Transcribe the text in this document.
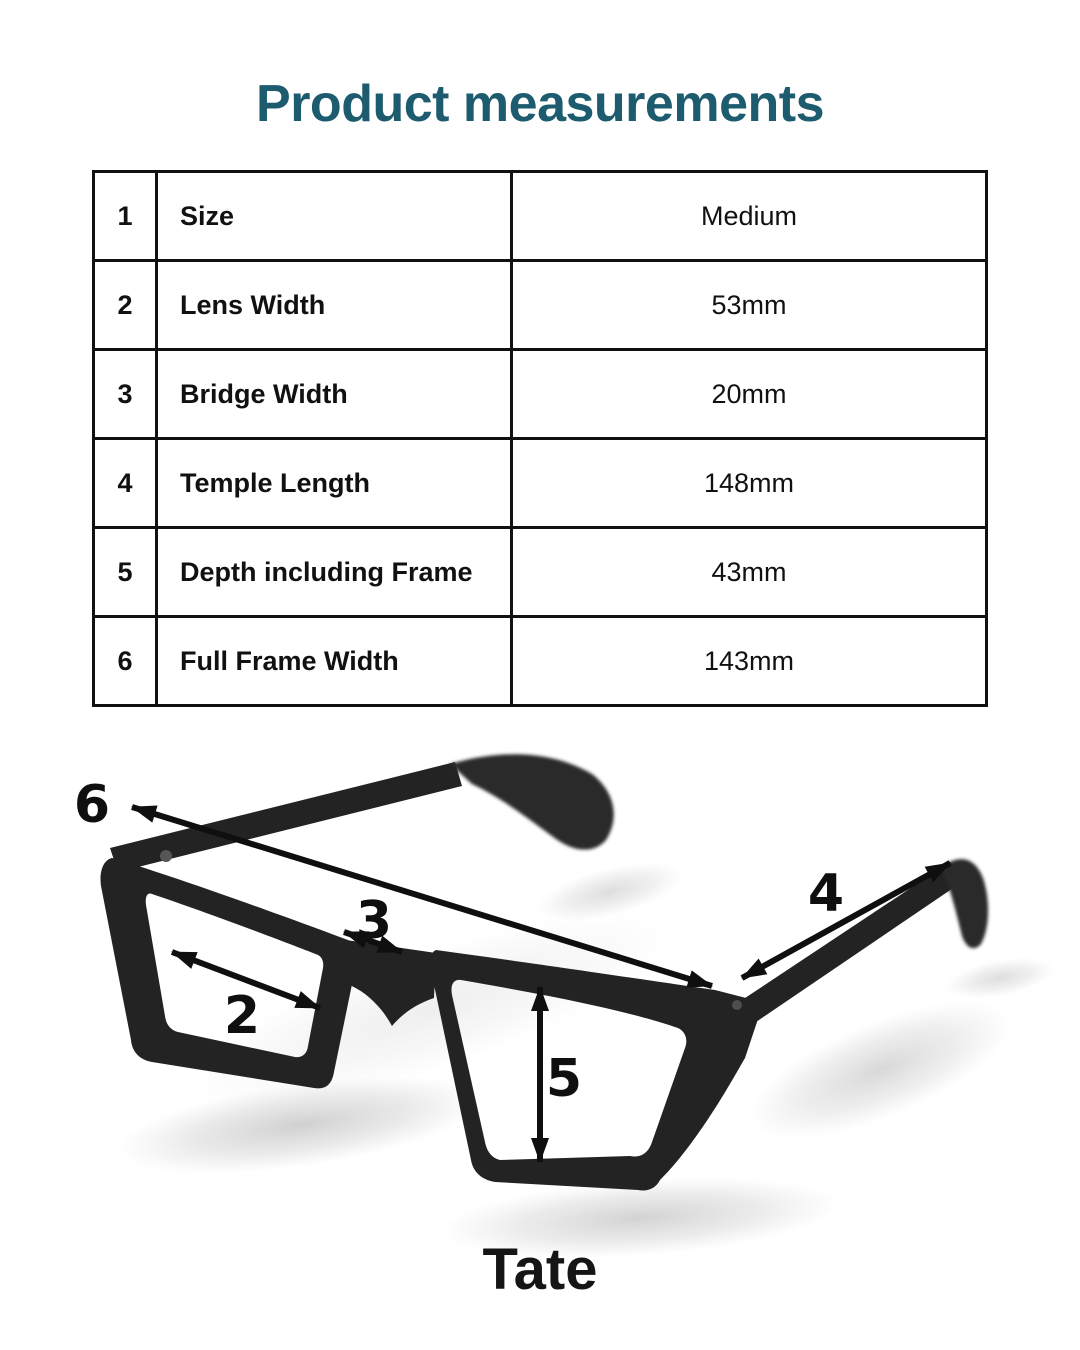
Product measurements
1	Size	Medium
2	Lens Width	53mm
3	Bridge Width	20mm
4	Temple Length	148mm
5	Depth including Frame	43mm
6	Full Frame Width	143mm
6
3
2
4
5
Tate
